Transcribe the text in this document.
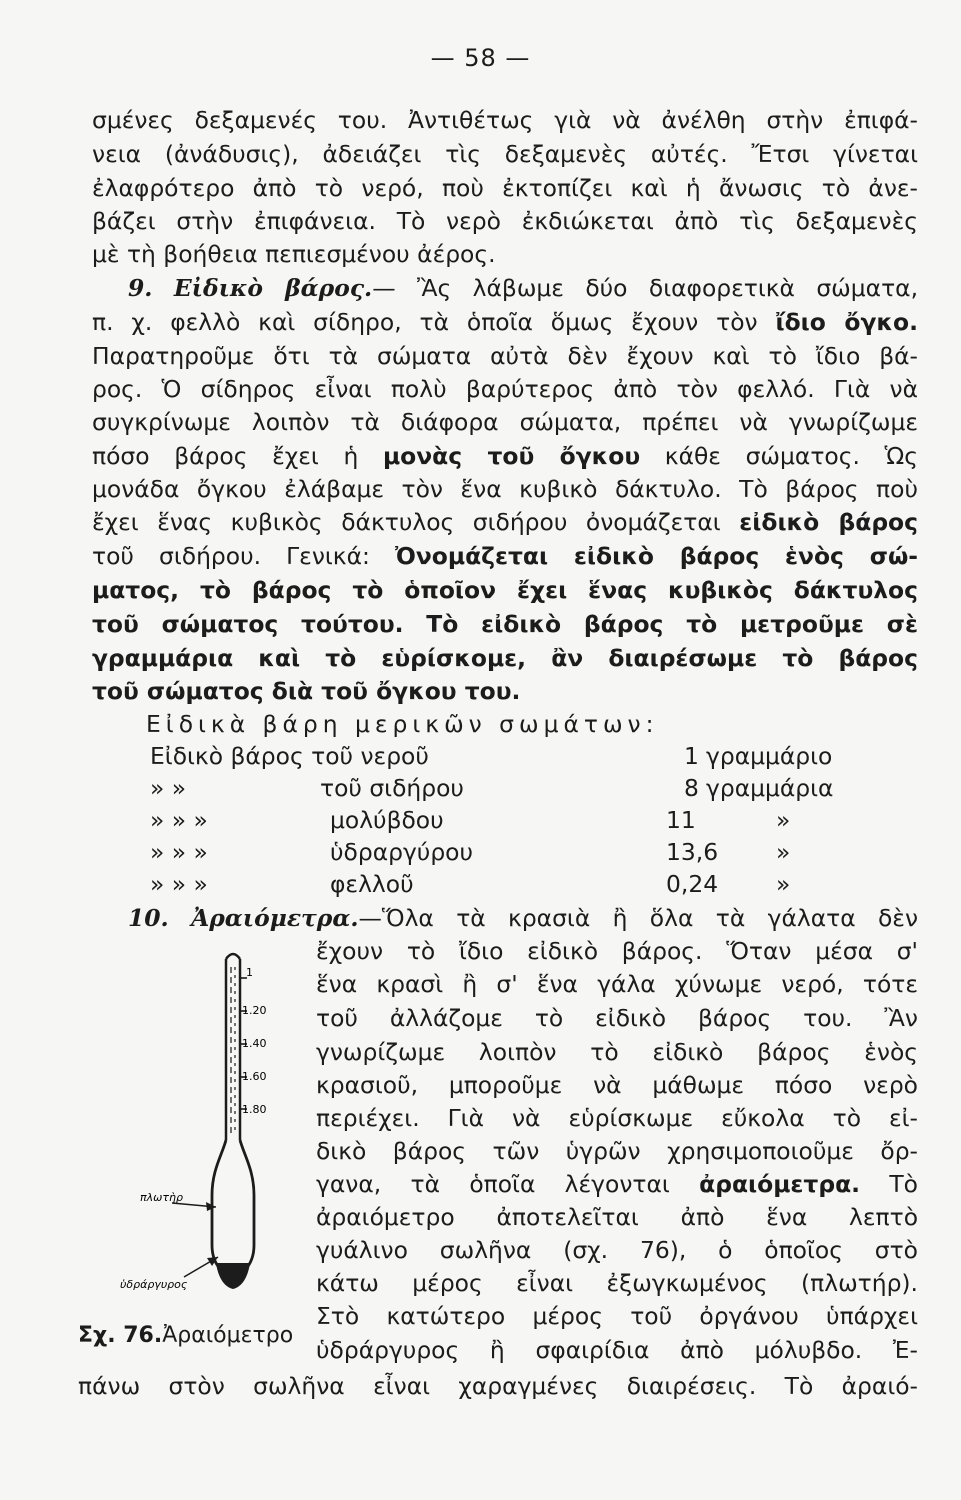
— 58 —
σμένες δεξαμενές του. Ἀντιθέτως γιὰ νὰ ἀνέλθη στὴν ἐπιφά-
νεια (ἀνάδυσις), ἀδειάζει τὶς δεξαμενὲς αὐτές. Ἔτσι γίνεται
ἐλαφρότερο ἀπὸ τὸ νερό, ποὺ ἐκτοπίζει καὶ ἡ ἄνωσις τὸ ἀνε-
βάζει στὴν ἐπιφάνεια. Τὸ νερὸ ἐκδιώκεται ἀπὸ τὶς δεξαμενὲς
μὲ τὴ βοήθεια πεπιεσμένου ἀέρος.
9. Εἰδικὸ βάρος.— Ἂς λάβωμε δύο διαφορετικὰ σώματα,
π. χ. φελλὸ καὶ σίδηρο, τὰ ὁποῖα ὅμως ἔχουν τὸν ἴδιο ὄγκο.
Παρατηροῦμε ὅτι τὰ σώματα αὐτὰ δὲν ἔχουν καὶ τὸ ἴδιο βά-
ρος. Ὁ σίδηρος εἶναι πολὺ βαρύτερος ἀπὸ τὸν φελλό. Γιὰ νὰ
συγκρίνωμε λοιπὸν τὰ διάφορα σώματα, πρέπει νὰ γνωρίζωμε
πόσο βάρος ἔχει ἡ μονὰς τοῦ ὄγκου κάθε σώματος. Ὡς
μονάδα ὄγκου ἐλάβαμε τὸν ἕνα κυβικὸ δάκτυλο. Τὸ βάρος ποὺ
ἔχει ἕνας κυβικὸς δάκτυλος σιδήρου ὀνομάζεται εἰδικὸ βάρος
τοῦ σιδήρου. Γενικά: Ὀνομάζεται εἰδικὸ βάρος ἑνὸς σώ-
ματος, τὸ βάρος τὸ ὁποῖον ἔχει ἕνας κυβικὸς δάκτυλος
τοῦ σώματος τούτου. Τὸ εἰδικὸ βάρος τὸ μετροῦμε σὲ
γραμμάρια καὶ τὸ εὑρίσκομε, ἂν διαιρέσωμε τὸ βάρος
τοῦ σώματος διὰ τοῦ ὄγκου του.
Εἰδικὰ βάρη μερικῶν σωμάτων:
Εἰδικὸ βάρος τοῦ νεροῦ	1 γραμμάριο
» »	τοῦ σιδήρου	8 γραμμάρια
» » »	μολύβδου	11	»
» » »	ὑδραργύρου	13,6 »
» » »	φελλοῦ	0,24 »
10. Ἀραιόμετρα.—Ὅλα τὰ κρασιὰ ἢ ὅλα τὰ γάλατα δὲν
ἔχουν τὸ ἴδιο εἰδικὸ βάρος. Ὅταν μέσα σ'
ἕνα κρασὶ ἢ σ' ἕνα γάλα χύνωμε νερό, τότε
τοῦ ἀλλάζομε τὸ εἰδικὸ βάρος του. Ἂν
γνωρίζωμε λοιπὸν τὸ εἰδικὸ βάρος ἑνὸς
κρασιοῦ, μποροῦμε νὰ μάθωμε πόσο νερὸ
περιέχει. Γιὰ νὰ εὑρίσκωμε εὔκολα τὸ εἰ-
δικὸ βάρος τῶν ὑγρῶν χρησιμοποιοῦμε ὄρ-
γανα, τὰ ὁποῖα λέγονται ἀραιόμετρα. Τὸ
ἀραιόμετρο ἀποτελεῖται ἀπὸ ἕνα λεπτὸ
γυάλινο σωλῆνα (σχ. 76), ὁ ὁποῖος στὸ
κάτω μέρος εἶναι ἐξωγκωμένος (πλωτήρ).
Στὸ κατώτερο μέρος τοῦ ὀργάνου ὑπάρχει
ὑδράργυρος ἢ σφαιρίδια ἀπὸ μόλυβδο. Ἐ-
πάνω στὸν σωλῆνα εἶναι χαραγμένες διαιρέσεις. Τὸ ἀραιό-
1
1.20
1.40
1.60
1.80
πλωτὴρ
ὑδράργυρος
Σχ. 76.Ἀραιόμετρο
